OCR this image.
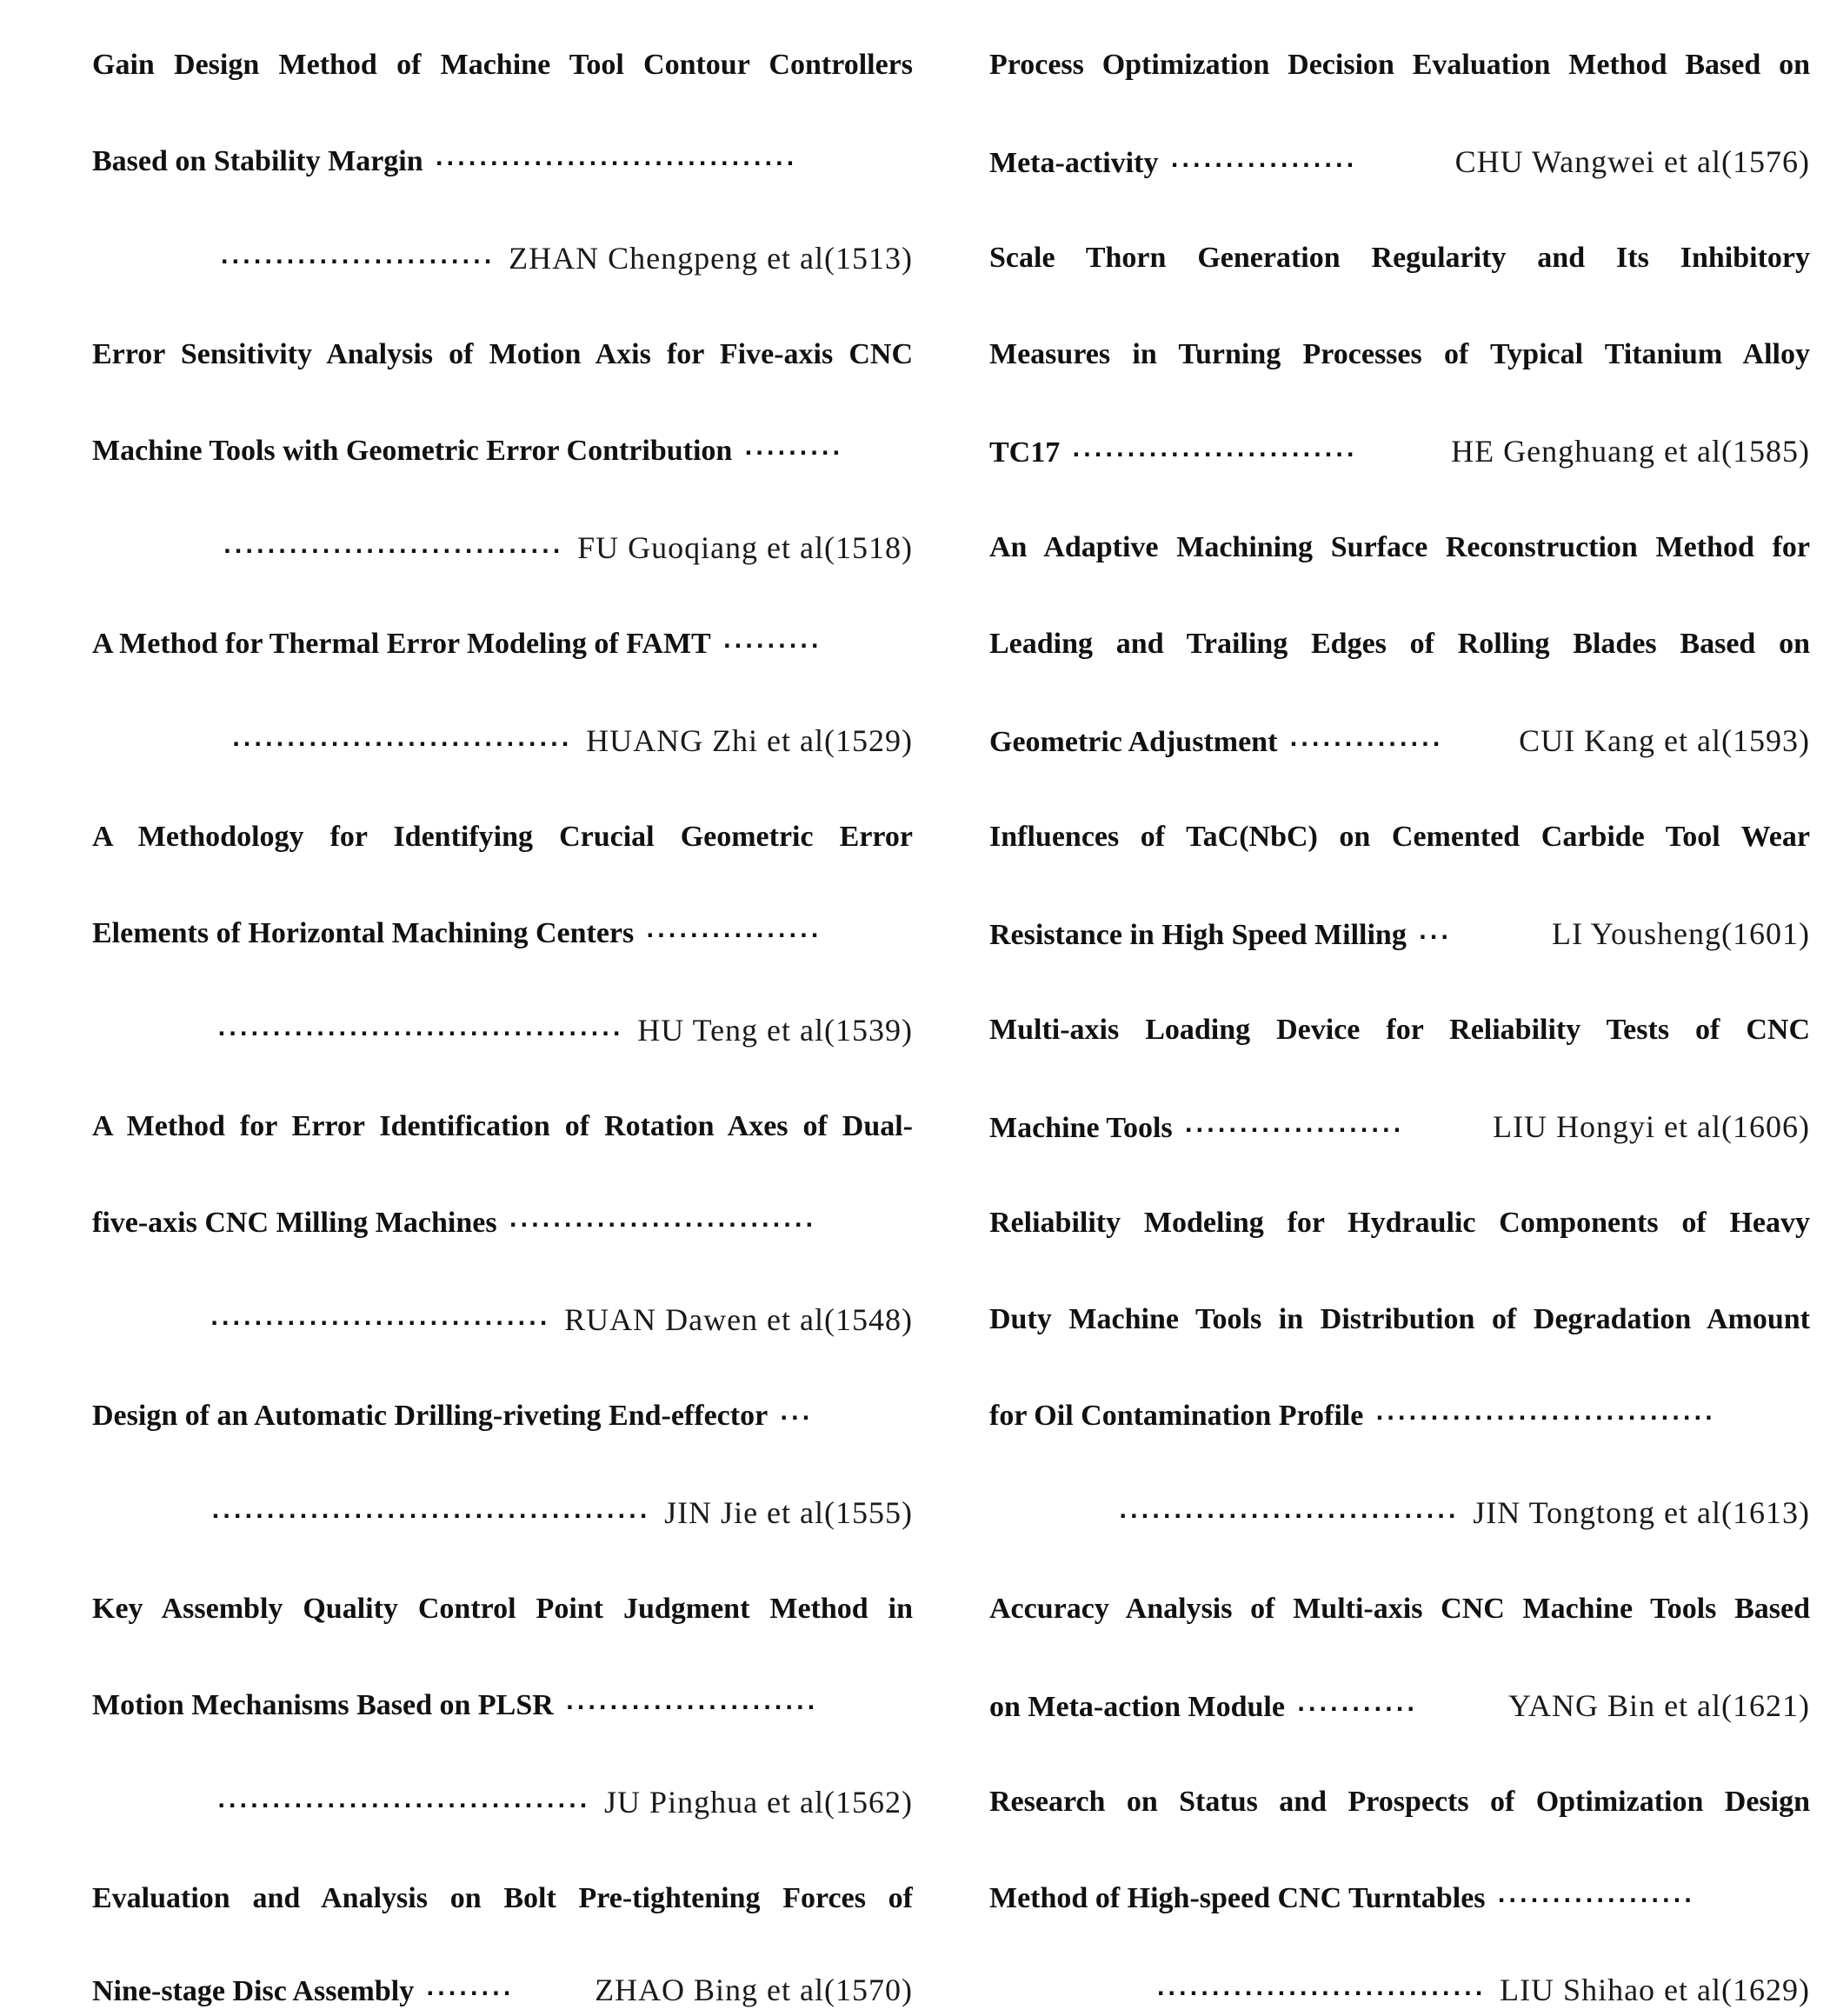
Gain Design Method of Machine Tool Contour Controllers
Based on Stability Margin ·································
························· ZHAN Chengpeng et al(1513)
Error Sensitivity Analysis of Motion Axis for Five-axis CNC
Machine Tools with Geometric Error Contribution ·········
······························· FU Guoqiang et al(1518)
A Method for Thermal Error Modeling of FAMT ·········
······························· HUANG Zhi et al(1529)
A Methodology for Identifying Crucial Geometric Error
Elements of Horizontal Machining Centers ················
····································· HU Teng et al(1539)
A Method for Error Identification of Rotation Axes of Dual-
five-axis CNC Milling Machines ····························
······························· RUAN Dawen et al(1548)
Design of an Automatic Drilling-riveting End-effector ···
········································ JIN Jie et al(1555)
Key Assembly Quality Control Point Judgment Method in
Motion Mechanisms Based on PLSR ·······················
·································· JU Pinghua et al(1562)
Evaluation and Analysis on Bolt Pre-tightening Forces of
Nine-stage Disc Assembly ········	ZHAO Bing et al(1570)
Process Optimization Decision Evaluation Method Based on
Meta-activity ·················	CHU Wangwei et al(1576)
Scale Thorn Generation Regularity and Its Inhibitory
Measures in Turning Processes of Typical Titanium Alloy
TC17 ··························	HE Genghuang et al(1585)
An Adaptive Machining Surface Reconstruction Method for
Leading and Trailing Edges of Rolling Blades Based on
Geometric Adjustment ··············	CUI Kang et al(1593)
Influences of TaC(NbC) on Cemented Carbide Tool Wear
Resistance in High Speed Milling ···	LI Yousheng(1601)
Multi-axis Loading Device for Reliability Tests of CNC
Machine Tools ····················	LIU Hongyi et al(1606)
Reliability Modeling for Hydraulic Components of Heavy
Duty Machine Tools in Distribution of Degradation Amount
for Oil Contamination Profile ·······························
······························· JIN Tongtong et al(1613)
Accuracy Analysis of Multi-axis CNC Machine Tools Based
on Meta-action Module ···········	YANG Bin et al(1621)
Research on Status and Prospects of Optimization Design
Method of High-speed CNC Turntables ··················
······························ LIU Shihao et al(1629)
